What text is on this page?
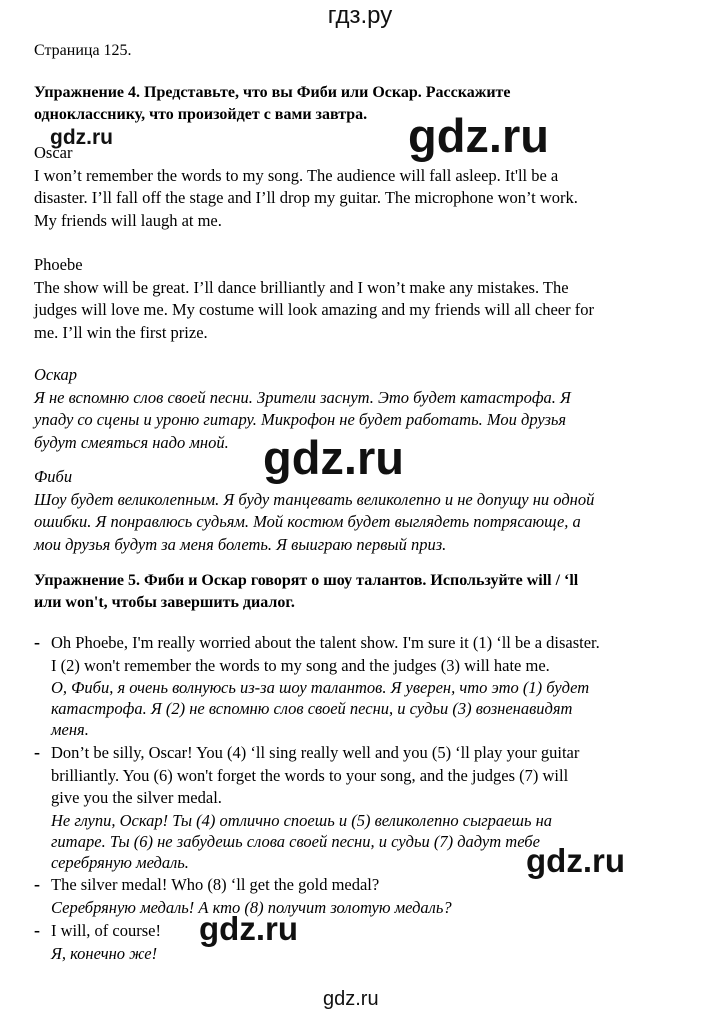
гдз.ру
Страница 125.
Упражнение 4. Представьте, что вы Фиби или Оскар. Расскажите
однокласснику, что произойдет с вами завтра.
Oscar
I won’t remember the words to my song. The audience will fall asleep. It'll be a
disaster. I’ll fall off the stage and I’ll drop my guitar. The microphone won’t work.
My friends will laugh at me.
Phoebe
The show will be great. I’ll dance brilliantly and I won’t make any mistakes. The
judges will love me. My costume will look amazing and my friends will all cheer for
me. I’ll win the first prize.
Оскар
Я не вспомню слов своей песни. Зрители заснут. Это будет катастрофа. Я
упаду со сцены и уроню гитару. Микрофон не будет работать. Мои друзья
будут смеяться надо мной.
Фиби
Шоу будет великолепным. Я буду танцевать великолепно и не допущу ни одной
ошибки. Я понравлюсь судьям. Мой костюм будет выглядеть потрясающе, а
мои друзья будут за меня болеть. Я выиграю первый приз.
Упражнение 5. Фиби и Оскар говорят о шоу талантов. Используйте will / ‘ll
или won't, чтобы завершить диалог.
- Oh Phoebe, I'm really worried about the talent show. I'm sure it (1) ‘ll be a disaster.
I (2) won't remember the words to my song and the judges (3) will hate me.
О, Фиби, я очень волнуюсь из-за шоу талантов. Я уверен, что это (1) будет
катастрофа. Я (2) не вспомню слов своей песни, и судьи (3) возненавидят
меня.
- Don’t be silly, Oscar! You (4) ‘ll sing really well and you (5) ‘ll play your guitar
brilliantly. You (6) won't forget the words to your song, and the judges (7) will
give you the silver medal.
Не глупи, Оскар! Ты (4) отлично споешь и (5) великолепно сыграешь на
гитаре. Ты (6) не забудешь слова своей песни, и судьи (7) дадут тебе
серебряную медаль.
- The silver medal! Who (8) ‘ll get the gold medal?
Серебряную медаль! А кто (8) получит золотую медаль?
- I will, of course!
Я, конечно же!
gdz.ru	gdz.ru
gdz.ru
gdz.ru
gdz.ru
gdz.ru
